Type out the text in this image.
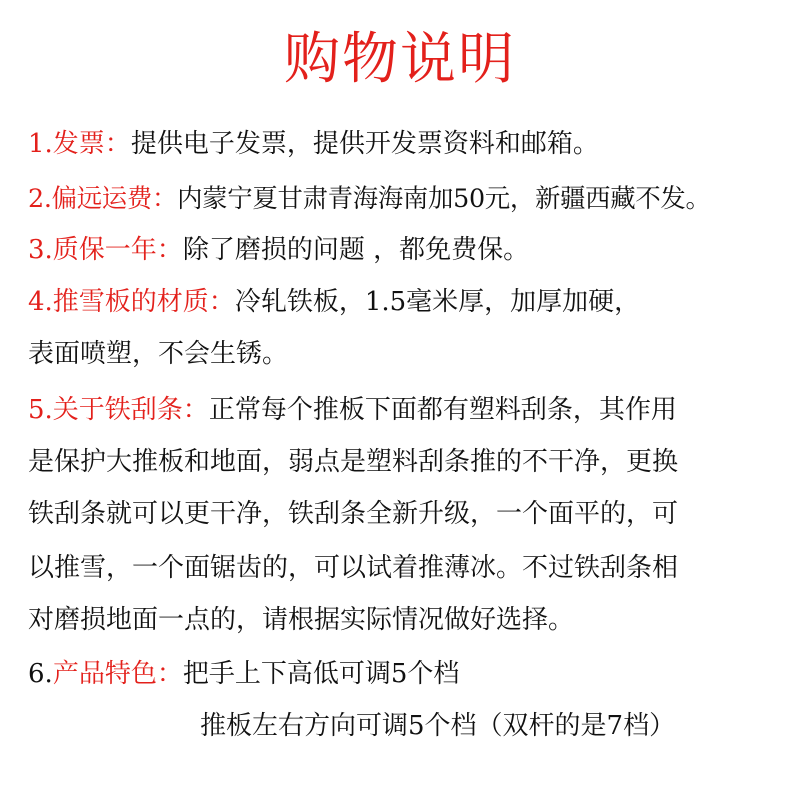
购物说明
1.发票：提供电子发票，提供开发票资料和邮箱。
2.偏远运费：内蒙宁夏甘肃青海海南加50元，新疆西藏不发。
3.质保一年：除了磨损的问题 ，都免费保。
4.推雪板的材质：冷轧铁板，1.5毫米厚，加厚加硬，
表面喷塑，不会生锈。
5.关于铁刮条：正常每个推板下面都有塑料刮条，其作用
是保护大推板和地面，弱点是塑料刮条推的不干净，更换
铁刮条就可以更干净，铁刮条全新升级，一个面平的，可
以推雪，一个面锯齿的，可以试着推薄冰。不过铁刮条相
对磨损地面一点的，请根据实际情况做好选择。
6.产品特色：把手上下高低可调5个档
推板左右方向可调5个档（双杆的是7档）
